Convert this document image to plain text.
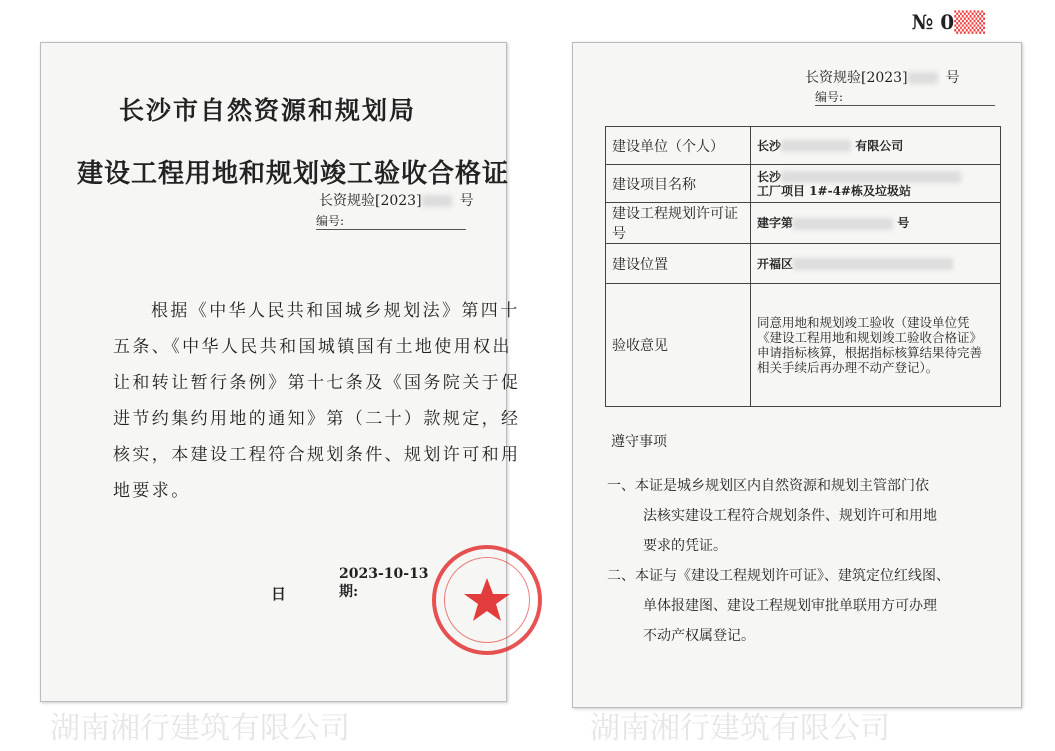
№ 0▒▒
长沙市自然资源和规划局
建设工程用地和规划竣工验收合格证
长资规验[2023]	号
编号:

根据《中华人民共和国城乡规划法》第四十

五条、《中华人民共和国城镇国有土地使用权出

让和转让暂行条例》第十七条及《国务院关于促

进节约集约用地的通知》第（二十）款规定，经

核实，本建设工程符合规划条件、规划许可和用

地要求。

日
2023-10-13
期:
长资规验[2023]	号
编号:
建设单位（个人）	长沙 有限公司
建设项目名称	长沙
工厂项目 1#-4#栋及垃圾站
建设工程规划许可证号	建字第 号
建设位置	开福区
验收意见	同意用地和规划竣工验收（建设单位凭《建设工程用地和规划竣工验收合格证》申请指标核算，根据指标核算结果待完善相关手续后再办理不动产登记）。
遵守事项
一、本证是城乡规划区内自然资源和规划主管部门依
法核实建设工程符合规划条件、规划许可和用地
要求的凭证。
二、本证与《建设工程规划许可证》、建筑定位红线图、
单体报建图、建设工程规划审批单联用方可办理
不动产权属登记。
湖南湘行建筑有限公司	湖南湘行建筑有限公司
